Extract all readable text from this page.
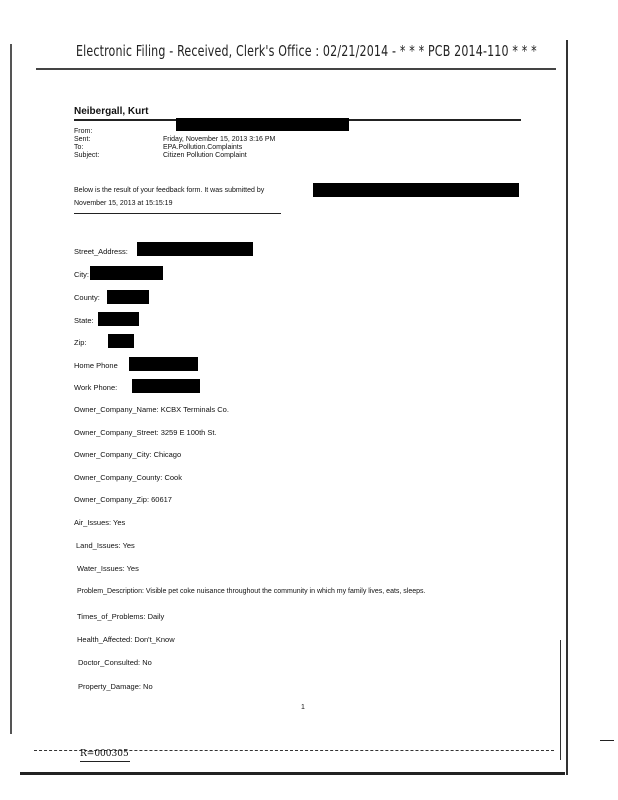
Electronic Filing - Received, Clerk's Office : 02/21/2014 - * * * PCB 2014-110 * * *
Neibergall, Kurt
From:
Sent:
To:
Subject:
Friday, November 15, 2013 3:16 PM
EPA.Pollution.Complaints
Citizen Pollution Complaint
Below is the result of your feedback form. It was submitted by
November 15, 2013 at 15:15:19
Street_Address:
City:
County:
State:
Zip:
Home Phone
Work Phone:
Owner_Company_Name: KCBX Terminals Co.
Owner_Company_Street: 3259 E 100th St.
Owner_Company_City: Chicago
Owner_Company_County: Cook
Owner_Company_Zip: 60617
Air_Issues: Yes
Land_Issues: Yes
Water_Issues: Yes
Problem_Description: Visible pet coke nuisance throughout the community in which my family lives, eats, sleeps.
Times_of_Problems: Daily
Health_Affected: Don't_Know
Doctor_Consulted: No
Property_Damage: No
1
R=000305
